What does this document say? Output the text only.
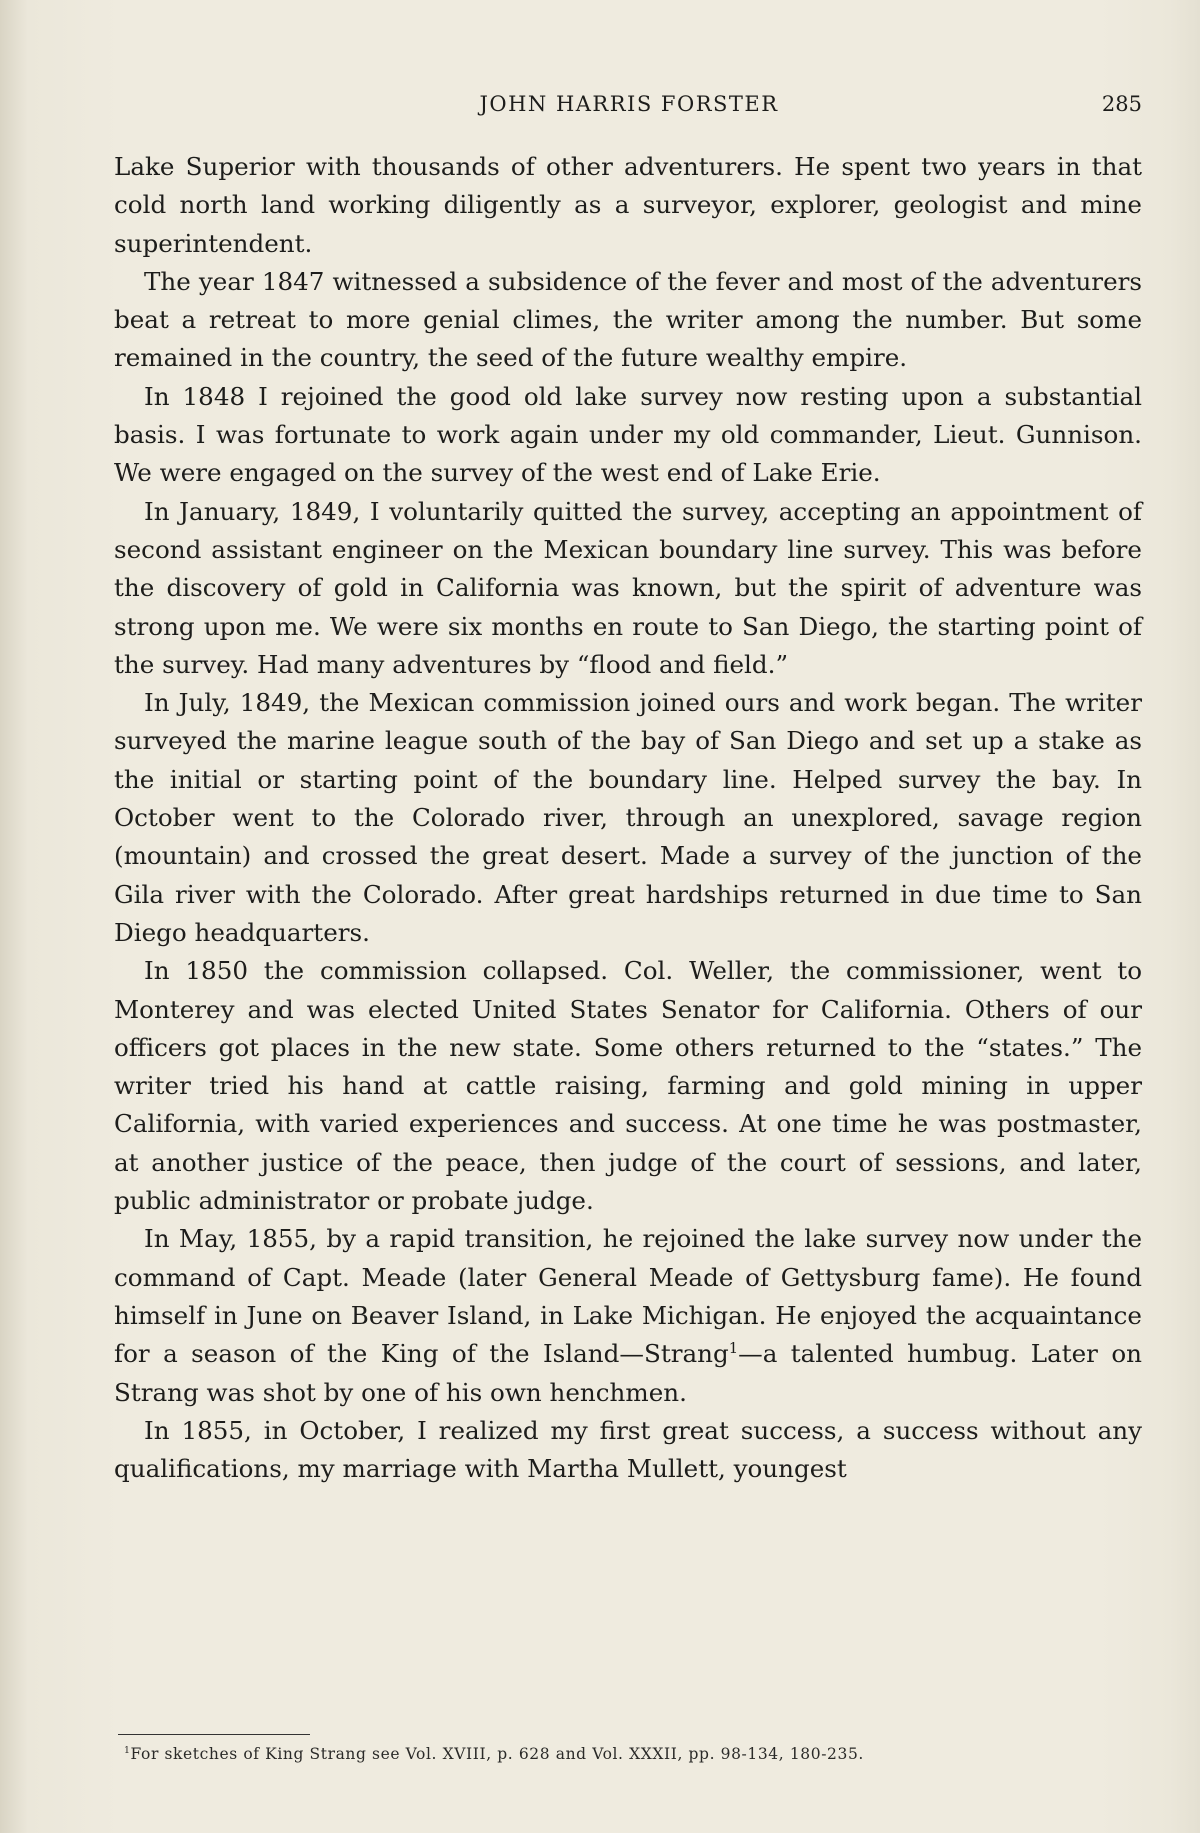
JOHN HARRIS FORSTER	285

Lake Superior with thousands of other adventurers. He spent two years in that cold north land working diligently as a surveyor, explorer, geologist and mine superintendent.

The year 1847 witnessed a subsidence of the fever and most of the adventurers beat a retreat to more genial climes, the writer among the number. But some remained in the country, the seed of the future wealthy empire.

In 1848 I rejoined the good old lake survey now resting upon a substantial basis. I was fortunate to work again under my old commander, Lieut. Gunnison. We were engaged on the survey of the west end of Lake Erie.

In January, 1849, I voluntarily quitted the survey, accepting an appointment of second assistant engineer on the Mexican boundary line survey. This was before the discovery of gold in California was known, but the spirit of adventure was strong upon me. We were six months en route to San Diego, the starting point of the survey. Had many adventures by “flood and field.”

In July, 1849, the Mexican commission joined ours and work began. The writer surveyed the marine league south of the bay of San Diego and set up a stake as the initial or starting point of the boundary line. Helped survey the bay. In October went to the Colorado river, through an unexplored, savage region (mountain) and crossed the great desert. Made a survey of the junction of the Gila river with the Colorado. After great hardships returned in due time to San Diego headquarters.

In 1850 the commission collapsed. Col. Weller, the commissioner, went to Monterey and was elected United States Senator for California. Others of our officers got places in the new state. Some others returned to the “states.” The writer tried his hand at cattle raising, farming and gold mining in upper California, with varied experiences and success. At one time he was postmaster, at another justice of the peace, then judge of the court of sessions, and later, public administrator or probate judge.

In May, 1855, by a rapid transition, he rejoined the lake survey now under the command of Capt. Meade (later General Meade of Gettysburg fame). He found himself in June on Beaver Island, in Lake Michigan. He enjoyed the acquaintance for a season of the King of the Island—Strang$^1$—a talented humbug. Later on Strang was shot by one of his own henchmen.

In 1855, in October, I realized my first great success, a success without any qualifications, my marriage with Martha Mullett, youngest

$^1$For sketches of King Strang see Vol. XVIII, p. 628 and Vol. XXXII, pp. 98-134, 180-235.
